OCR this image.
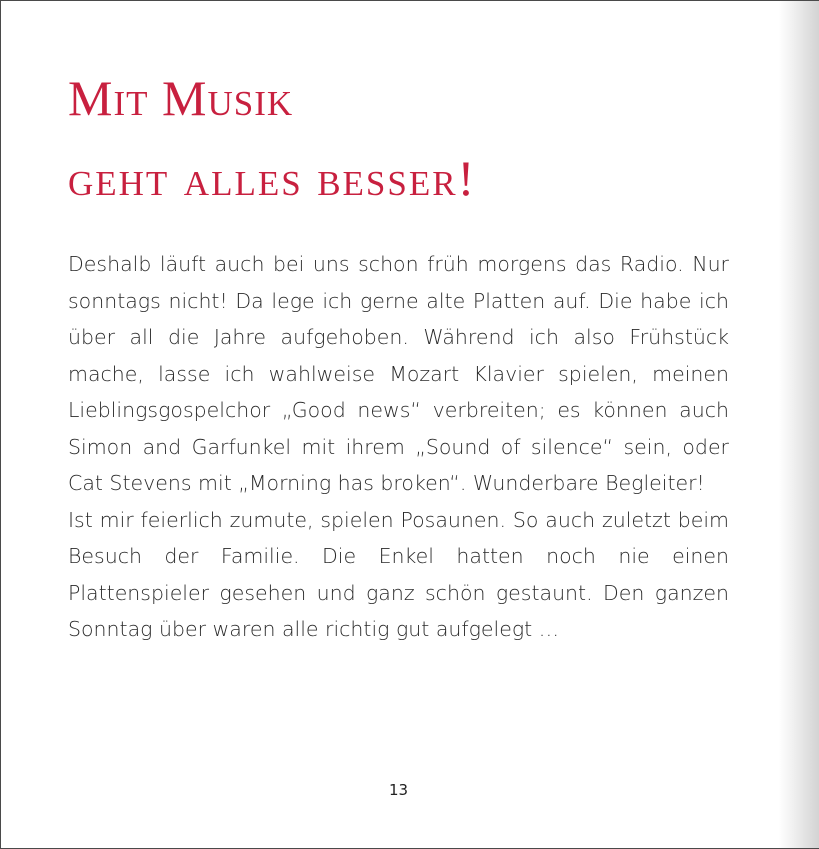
Mit Musik
geht alles besser!

Deshalb läuft auch bei uns schon früh morgens das Radio. Nur sonntags nicht! Da lege ich gerne alte Platten auf. Die habe ich über all die Jahre aufgehoben. Während ich also Frühstück mache, lasse ich wahlweise Mozart Klavier spielen, meinen Lieblingsgospelchor „Good news“ verbreiten; es können auch Simon and Garfunkel mit ihrem „Sound of silence“ sein, oder Cat Stevens mit „Morning has broken“. Wunderbare Begleiter!

Ist mir feierlich zumute, spielen Posaunen. So auch zuletzt beim Besuch der Familie. Die Enkel hatten noch nie einen Plattenspieler gesehen und ganz schön gestaunt. Den ganzen Sonntag über waren alle richtig gut aufgelegt …

13
